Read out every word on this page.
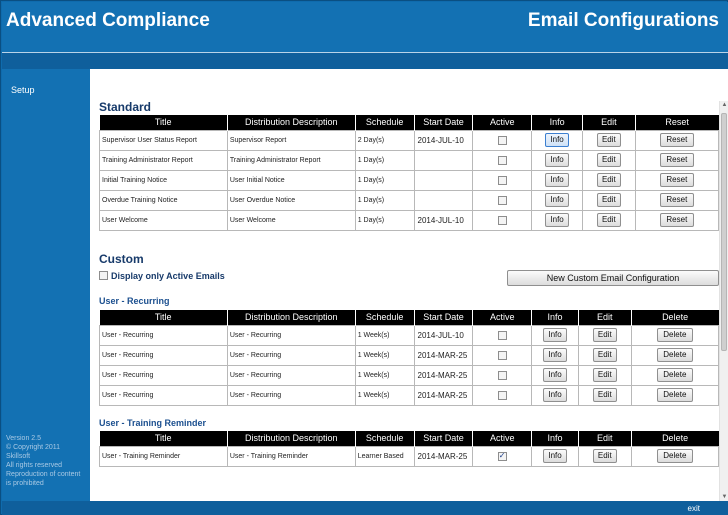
Advanced Compliance	Email Configurations
Setup
Version 2.5
© Copyright 2011
Skillsoft
All rights reserved
Reproduction of content
is prohibited
Standard
Title	Distribution Description	Schedule	Start Date	Active	Info	Edit	Reset
Supervisor User Status Report	Supervisor Report	2 Day(s)	2014-JUL-10		Info	Edit	Reset
Training Administrator Report	Training Administrator Report	1 Day(s)			Info	Edit	Reset
Initial Training Notice	User Initial Notice	1 Day(s)			Info	Edit	Reset
Overdue Training Notice	User Overdue Notice	1 Day(s)			Info	Edit	Reset
User Welcome	User Welcome	1 Day(s)	2014-JUL-10		Info	Edit	Reset
Custom
Display only Active Emails	New Custom Email Configuration
User - Recurring
Title	Distribution Description	Schedule	Start Date	Active	Info	Edit	Delete
User - Recurring	User - Recurring	1 Week(s)	2014-JUL-10		Info	Edit	Delete
User - Recurring	User - Recurring	1 Week(s)	2014-MAR-25		Info	Edit	Delete
User - Recurring	User - Recurring	1 Week(s)	2014-MAR-25		Info	Edit	Delete
User - Recurring	User - Recurring	1 Week(s)	2014-MAR-25		Info	Edit	Delete
User - Training Reminder
Title	Distribution Description	Schedule	Start Date	Active	Info	Edit	Delete
User - Training Reminder	User - Training Reminder	Learner Based	2014-MAR-25	✓	Info	Edit	Delete
▲
▼
exit
